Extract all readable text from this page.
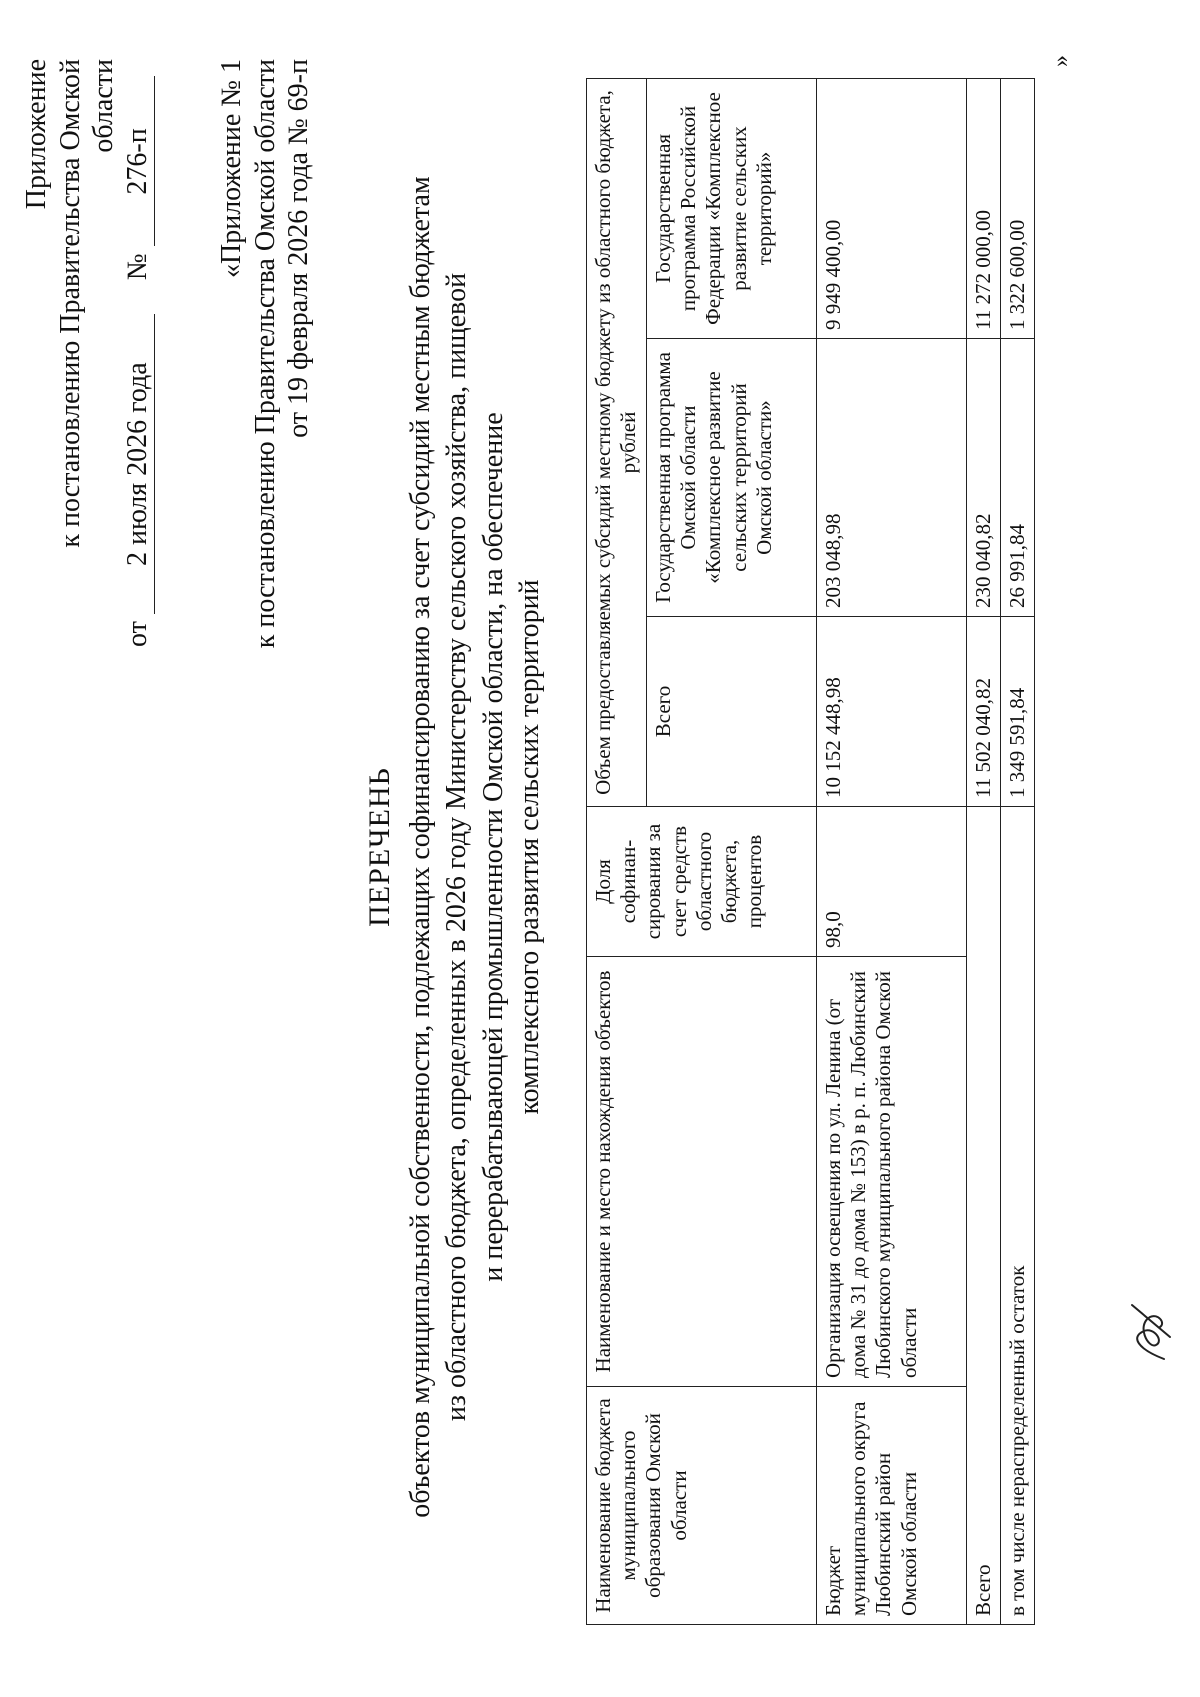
Приложение к постановлению Правительства Омской области
от 2 июля 2026 года  № 276-п «Приложение № 1 к постановлению Правительства Омской области от 19 февраля 2026 года № 69-п
ПЕРЕЧЕНЬ объектов муниципальной собственности, подлежащих софинансированию за счет субсидий местным бюджетам из областного бюджета, определенных в 2026 году Министерству сельского хозяйства, пищевой и перерабатывающей промышленности Омской области, на обеспечение комплексного развития сельских территорий
Наименование бюджета муниципального образования Омской области	Наименование и место нахождения объектов	Доля софинан-сирования за счет средств областного бюджета, процентов	Объем предоставляемых субсидий местному бюджету из областного бюджета, рублей		
			Всего	Государственная программа Омской области «Комплексное развитие сельских территорий Омской области»	Государственная программа Российской Федерации «Комплексное развитие сельских территорий»
Бюджет муниципального округа Любинский район Омской области	Организация освещения по ул. Ленина (от дома № 31 до дома № 153) в р. п. Любинский Любинского муниципального района Омской области	98,0	10 152 448,98	203 048,98	9 949 400,00
Всего			11 502 040,82	230 040,82	11 272 000,00
в том числе нераспределенный остаток			1 349 591,84	26 991,84	1 322 600,00
»
